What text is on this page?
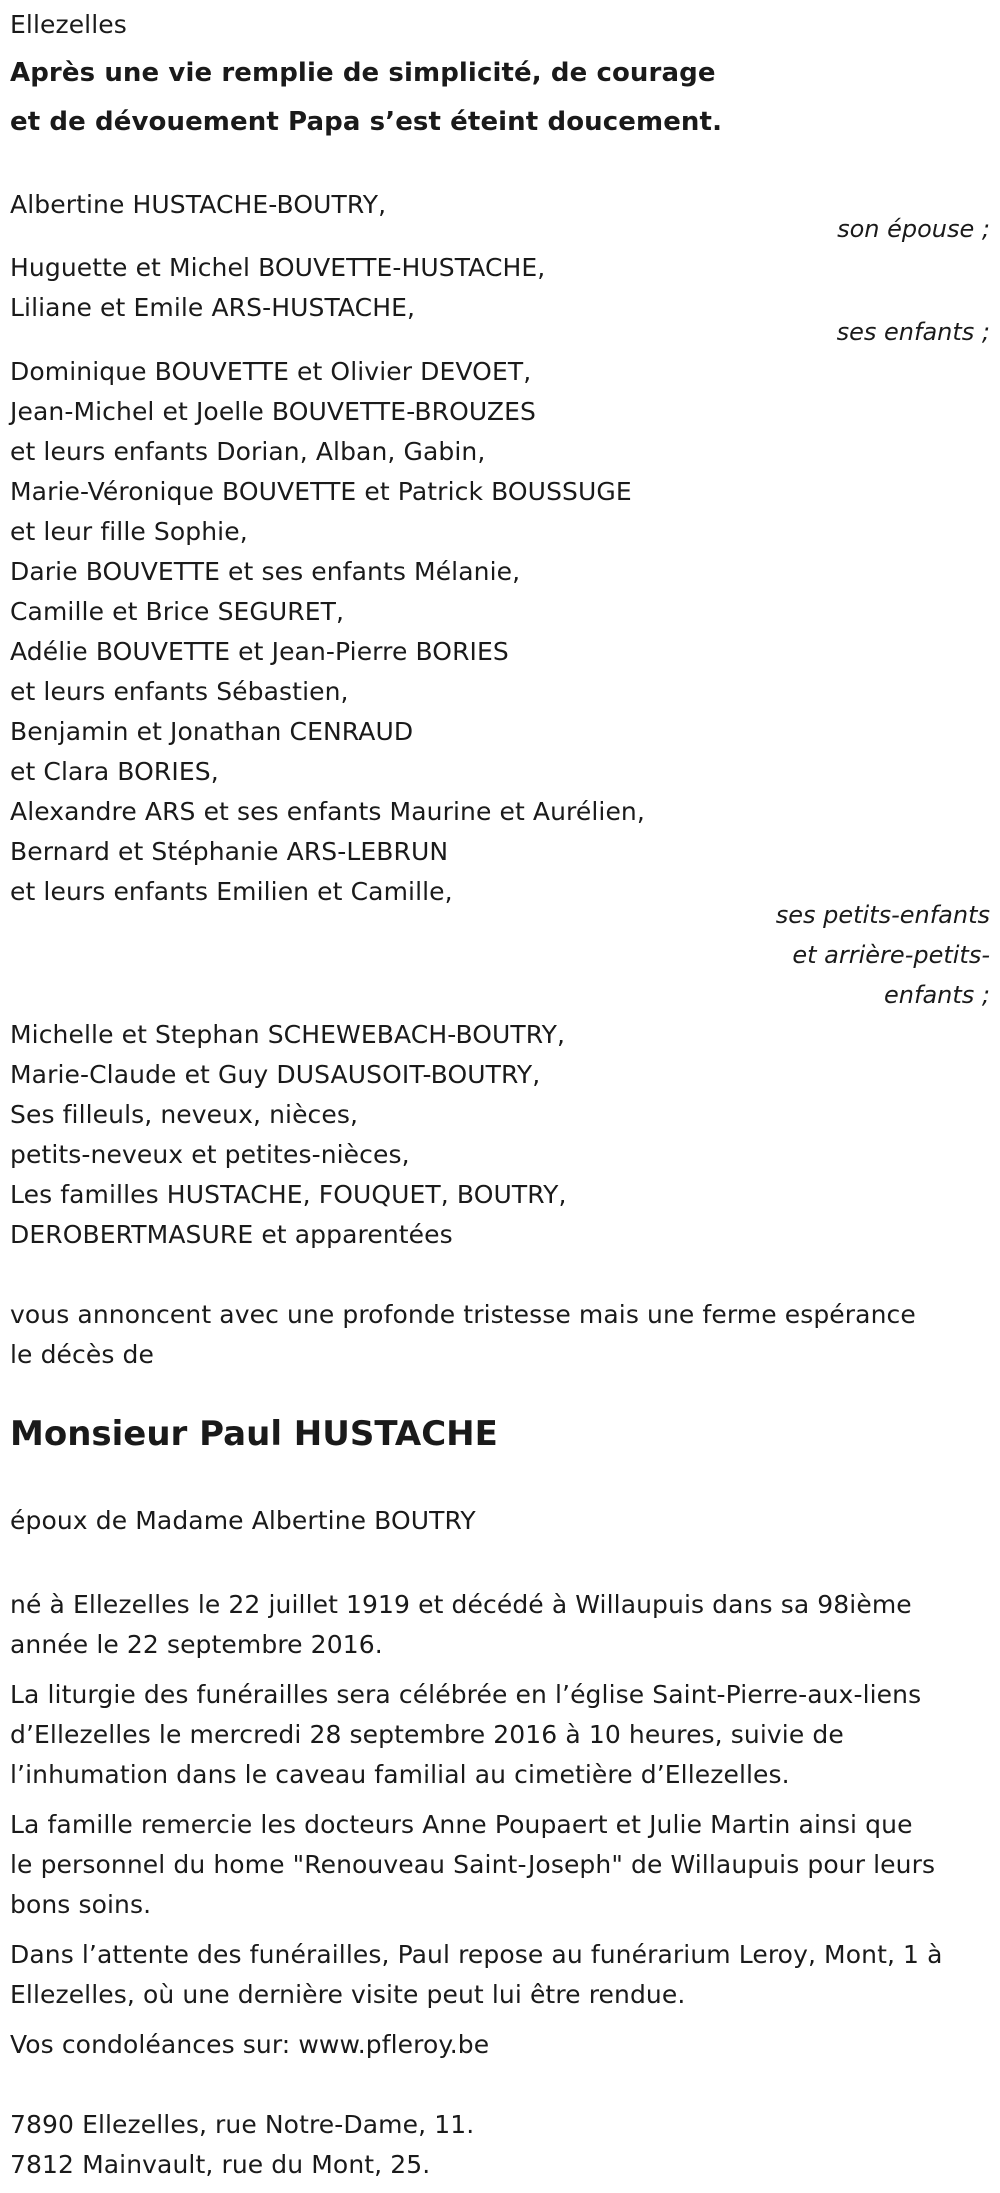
Ellezelles
Après une vie remplie de simplicité, de courage
et de dévouement Papa s’est éteint doucement.
Albertine HUSTACHE-BOUTRY,
son épouse ;
Huguette et Michel BOUVETTE-HUSTACHE,
Liliane et Emile ARS-HUSTACHE,
ses enfants ;
Dominique BOUVETTE et Olivier DEVOET,
Jean-Michel et Joelle BOUVETTE-BROUZES
et leurs enfants Dorian, Alban, Gabin,
Marie-Véronique BOUVETTE et Patrick BOUSSUGE
et leur fille Sophie,
Darie BOUVETTE et ses enfants Mélanie,
Camille et Brice SEGURET,
Adélie BOUVETTE et Jean-Pierre BORIES
et leurs enfants Sébastien,
Benjamin et Jonathan CENRAUD
et Clara BORIES,
Alexandre ARS et ses enfants Maurine et Aurélien,
Bernard et Stéphanie ARS-LEBRUN
et leurs enfants Emilien et Camille,
ses petits-enfants
et arrière-petits-
enfants ;
Michelle et Stephan SCHEWEBACH-BOUTRY,
Marie-Claude et Guy DUSAUSOIT-BOUTRY,
Ses filleuls, neveux, nièces,
petits-neveux et petites-nièces,
Les familles HUSTACHE, FOUQUET, BOUTRY,
DEROBERTMASURE et apparentées
vous annoncent avec une profonde tristesse mais une ferme espérance
le décès de
Monsieur Paul HUSTACHE
époux de Madame Albertine BOUTRY
né à Ellezelles le 22 juillet 1919 et décédé à Willaupuis dans sa 98ième
année le 22 septembre 2016.
La liturgie des funérailles sera célébrée en l’église Saint-Pierre-aux-liens
d’Ellezelles le mercredi 28 septembre 2016 à 10 heures, suivie de
l’inhumation dans le caveau familial au cimetière d’Ellezelles.
La famille remercie les docteurs Anne Poupaert et Julie Martin ainsi que
le personnel du home "Renouveau Saint-Joseph" de Willaupuis pour leurs
bons soins.
Dans l’attente des funérailles, Paul repose au funérarium Leroy, Mont, 1 à
Ellezelles, où une dernière visite peut lui être rendue.
Vos condoléances sur: www.pfleroy.be
7890 Ellezelles, rue Notre-Dame, 11.
7812 Mainvault, rue du Mont, 25.
